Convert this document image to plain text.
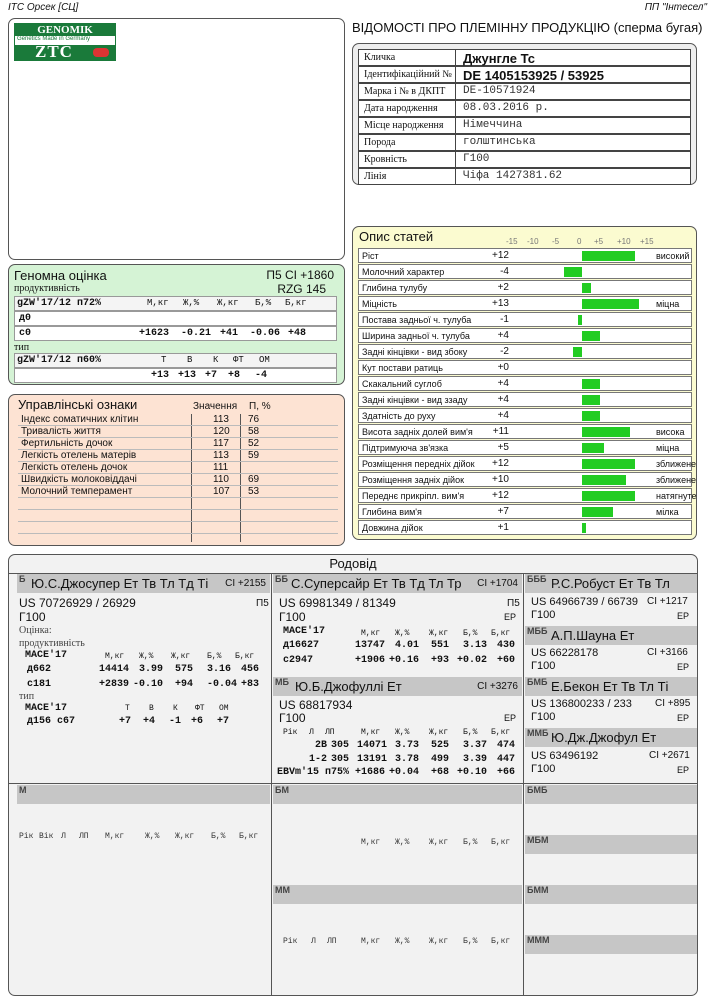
ІТС Орсек [СЦ]	ПП "Інтесел"
GENOMIK
Genetics Made in Germany
ZTC
ВІДОМОСТІ ПРО ПЛЕМІННУ ПРОДУКЦІЮ (сперма бугая)
Кличка	Джунгле Тс
Ідентифікаційний № DE 1405153925 / 53925
Марка і № в ДКПТ	DE-10571924
Дата народження	08.03.2016 р.
Місце народження	Німеччина
Порода	голштинська
Кровність	Г100
Лінія	Чіфа 1427381.62
Геномна оцінка	П5 CI +1860
продуктивність	RZG 145
gZW'17/12 п72%	М,кг Ж,% Ж,кг Б,% Б,кг
д0
с0	+1623 -0.21 +41 -0.06 +48
тип
gZW'17/12 п60%	Т В К ФТ ОМ
+13 +13 +7 +8 -4
Управлінські ознаки	Значення П, %
Індекс соматичних клітин	113 76
Тривалість життя	120 58
Фертильність дочок	117 52
Легкість отелень матерів	113 59
Легкість отелень дочок	111
Швидкість молоковіддачі	110 69
Молочний темперамент	107 53
Опис статей	-15 -10 -5 0 +5 +10 +15
Ріст	+12	високий
Молочний характер	-4
Глибина тулубу	+2
Міцність	+13	міцна
Постава задньої ч. тулуба	-1
Ширина задньої ч. тулуба	+4
Задні кінцівки - вид збоку	-2
Кут постави ратиць	+0
Скакальний суглоб	+4
Задні кінцівки - вид ззаду	+4
Здатність до руху	+4
Висота задніх долей вим'я	+11	висока
Підтримуюча зв'язка	+5	міцна
Розміщення передніх дійок	+12	зближене
Розміщення задніх дійок	+10	зближене
Переднє прикріпл. вим'я	+12	натягнуте
Глибина вим'я	+7	мілка
Довжина дійок	+1
Родовід
Б Ю.С.Джосупер Ет Тв Тл Тд Ті CI +2155
US 70726929 / 26929	П5
Г100
Оцінка:
продуктивність
MACE'17	М,кг Ж,% Ж,кг Б,% Б,кг
д662	14414 3.99 575 3.16 456
с181	+2839 -0.10 +94 -0.04 +83
тип
MACE'17	Т В К ФТ ОМ
д156 с67	+7 +4 -1 +6 +7
ББ С.Суперсайр Ет Тв Тд Тл Тр CI +1704
US 69981349 / 81349	П5
Г100	ЕР
MACE'17	М,кг Ж,% Ж,кг Б,% Б,кг
д16627	13747 4.01 551 3.13 430
с2947	+1906 +0.16 +93 +0.02 +60
МБ Ю.Б.Джофуллі Ет	CI +3276
US 68817934
Г100	ЕР
Рік Л ЛП	М,кг Ж,% Ж,кг Б,% Б,кг
2В 305 14071 3.73 525 3.37 474
1-2 305 13191 3.78 499 3.39 447
EBVm'15 п75% +1686 +0.04 +68 +0.10 +66
БББ Р.С.Робуст Ет Тв Тл
US 64966739 / 66739 CI +1217
Г100	ЕР
МББ А.П.Шауна Ет
US 66228178	CI +3166
Г100	ЕР
БМБ Е.Бекон Ет Тв Тл Ті
US 136800233 / 233 CI +895
Г100	ЕР
ММБ Ю.Дж.Джофул Ет
US 63496192	CI +2671
Г100	ЕР
М
Рік Вік Л ЛП М,кг	Ж,% Ж,кг Б,% Б,кг
БМ
М,кг Ж,% Ж,кг Б,% Б,кг
ММ
Рік Л ЛП	М,кг Ж,% Ж,кг Б,% Б,кг
БМБ
МБМ
БММ
МММ
